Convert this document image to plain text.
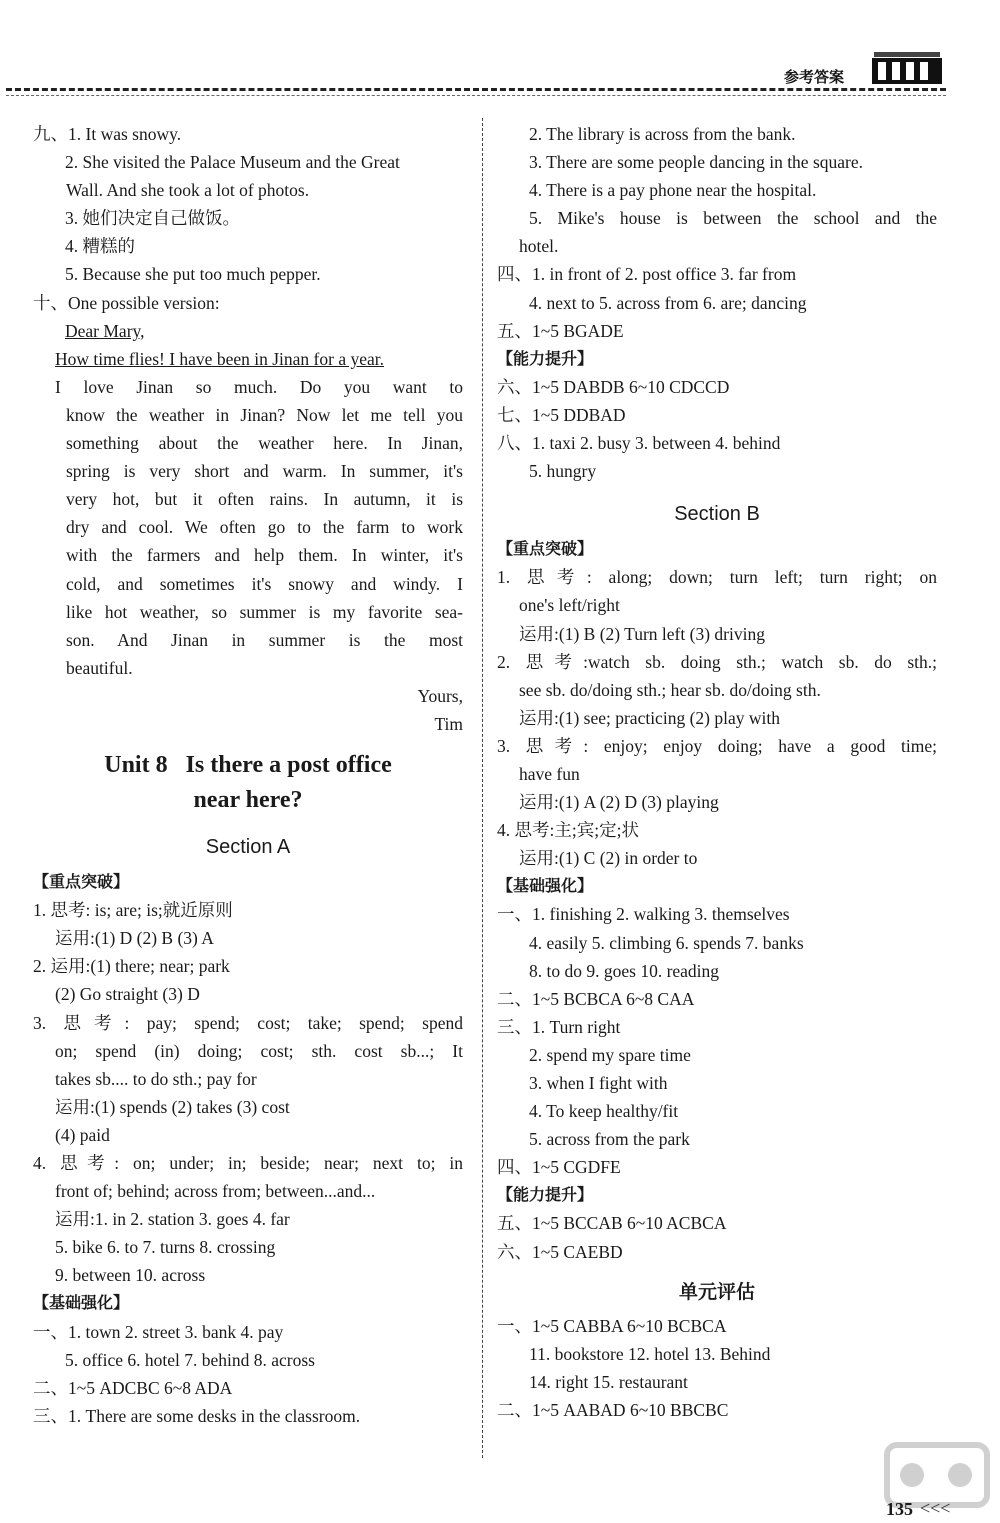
参考答案
九、1. It was snowy.
2. She visited the Palace Museum and the Great
Wall. And she took a lot of photos.
3. 她们决定自己做饭。
4. 糟糕的
5. Because she put too much pepper.
十、One possible version:
Dear Mary,
How time flies! I have been in Jinan for a year.
I love Jinan so much. Do you want to
know the weather in Jinan? Now let me tell you
something about the weather here. In Jinan,
spring is very short and warm. In summer, it's
very hot, but it often rains. In autumn, it is
dry and cool. We often go to the farm to work
with the farmers and help them. In winter, it's
cold, and sometimes it's snowy and windy. I
like hot weather, so summer is my favorite sea-
son. And Jinan in summer is the most
beautiful.
Yours,
Tim
Unit 8   Is there a post office
near here?
Section A
【重点突破】
1. 思考: is; are; is;就近原则
运用:(1) D (2) B (3) A
2. 运用:(1) there; near; park
(2) Go straight (3) D
3. 思考: pay; spend; cost; take; spend; spend
on; spend (in) doing; cost; sth. cost sb...; It
takes sb.... to do sth.; pay for
运用:(1) spends (2) takes (3) cost
(4) paid
4. 思考: on; under; in; beside; near; next to; in
front of; behind; across from; between...and...
运用:1. in 2. station 3. goes 4. far
5. bike 6. to 7. turns 8. crossing
9. between 10. across
【基础强化】
一、1. town 2. street 3. bank 4. pay
5. office 6. hotel 7. behind 8. across
二、1~5 ADCBC 6~8 ADA
三、1. There are some desks in the classroom.
2. The library is across from the bank.
3. There are some people dancing in the square.
4. There is a pay phone near the hospital.
5. Mike's house is between the school and the
hotel.
四、1. in front of 2. post office 3. far from
4. next to 5. across from 6. are; dancing
五、1~5 BGADE
【能力提升】
六、1~5 DABDB 6~10 CDCCD
七、1~5 DDBAD
八、1. taxi 2. busy 3. between 4. behind
5. hungry
Section B
【重点突破】
1. 思考: along; down; turn left; turn right; on
one's left/right
运用:(1) B (2) Turn left (3) driving
2. 思考:watch sb. doing sth.; watch sb. do sth.;
see sb. do/doing sth.; hear sb. do/doing sth.
运用:(1) see; practicing (2) play with
3. 思考: enjoy; enjoy doing; have a good time;
have fun
运用:(1) A (2) D (3) playing
4. 思考:主;宾;定;状
运用:(1) C (2) in order to
【基础强化】
一、1. finishing 2. walking 3. themselves
4. easily 5. climbing 6. spends 7. banks
8. to do 9. goes 10. reading
二、1~5 BCBCA 6~8 CAA
三、1. Turn right
2. spend my spare time
3. when I fight with
4. To keep healthy/fit
5. across from the park
四、1~5 CGDFE
【能力提升】
五、1~5 BCCAB 6~10 ACBCA
六、1~5 CAEBD
单元评估
一、1~5 CABBA 6~10 BCBCA
11. bookstore 12. hotel 13. Behind
14. right 15. restaurant
二、1~5 AABAD 6~10 BBCBC
135 <<<
